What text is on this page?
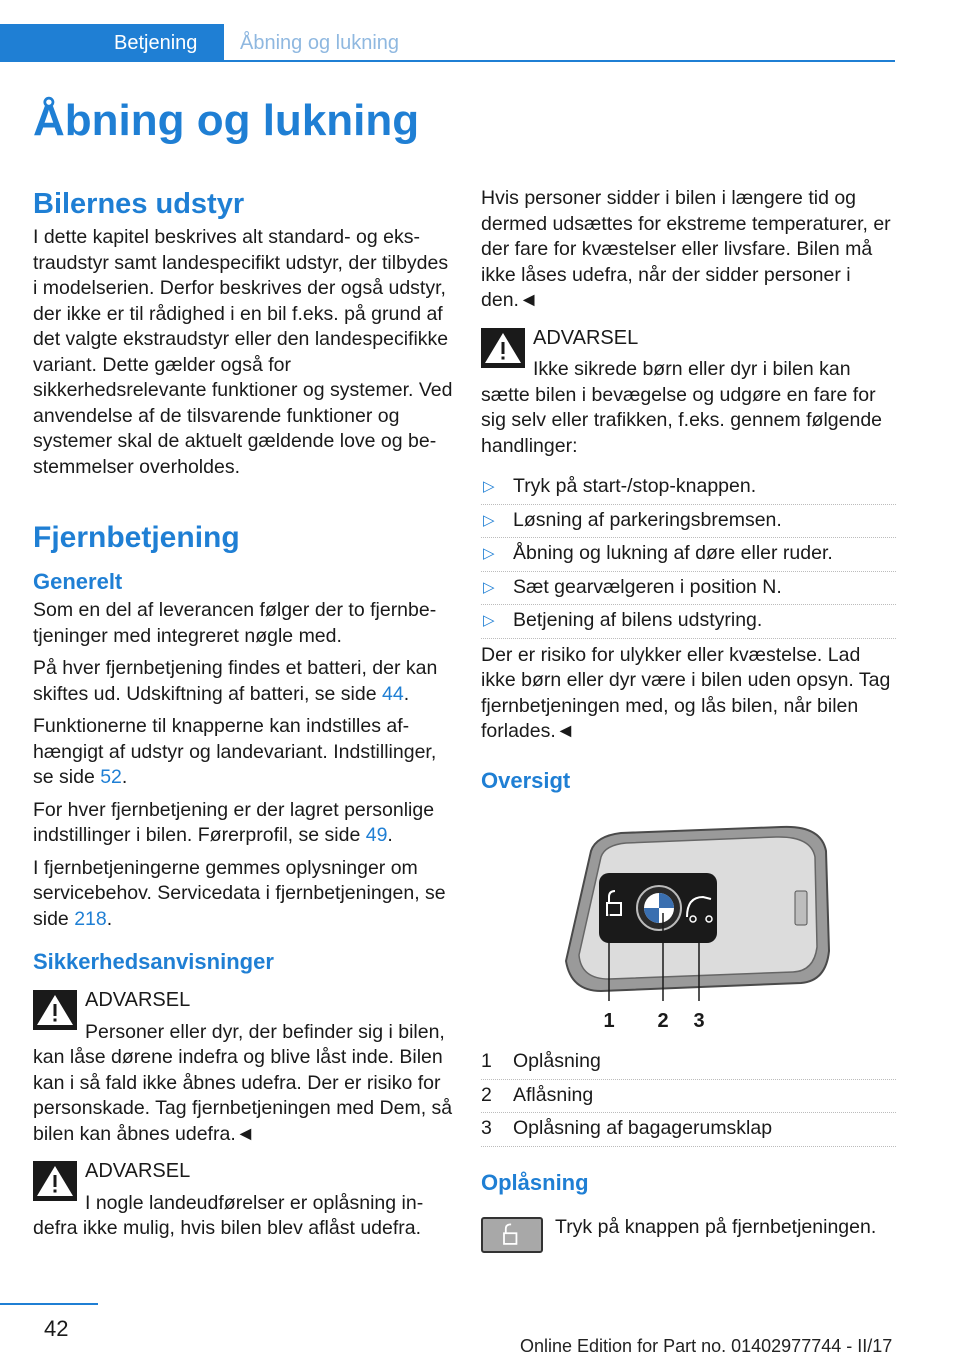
Betjening	Åbning og lukning
Åbning og lukning
Bilernes udstyr

I dette kapitel beskrives alt standard- og ekstraudstyr samt landespecifikt udstyr, der tilbydes i modelserien. Derfor beskrives der også udstyr, der ikke er til rådighed i en bil f.eks. på grund af det valgte ekstraudstyr eller den landespecifikke variant. Dette gælder også for sikkerhedsrelevante funktioner og systemer. Ved anvendelse af de tilsvarende funktioner og systemer skal de aktuelt gældende love og bestemmelser overholdes.

Fjernbetjening
Generelt

Som en del af leverancen følger der to fjernbetjeninger med integreret nøgle med.

På hver fjernbetjening findes et batteri, der kan skiftes ud. Udskiftning af batteri, se side 44.

Funktionerne til knapperne kan indstilles afhængigt af udstyr og landevariant. Indstillinger, se side 52.

For hver fjernbetjening er der lagret personlige indstillinger i bilen. Førerprofil, se side 49.

I fjernbetjeningerne gemmes oplysninger om servicebehov. Servicedata i fjernbetjeningen, se side 218.

Sikkerhedsanvisninger
ADVARSEL
Personer eller dyr, der befinder sig i bilen, kan låse dørene indefra og blive låst inde. Bilen kan i så fald ikke åbnes udefra. Der er risiko for personskade. Tag fjernbetjeningen med Dem, så bilen kan åbnes udefra.◄
ADVARSEL
I nogle landeudførelser er oplåsning indefra ikke mulig, hvis bilen blev aflåst udefra.

Hvis personer sidder i bilen i længere tid og dermed udsættes for ekstreme temperaturer, er der fare for kvæstelser eller livsfare. Bilen må ikke låses udefra, når der sidder personer i den.◄

ADVARSEL
Ikke sikrede børn eller dyr i bilen kan sætte bilen i bevægelse og udgøre en fare for sig selv eller trafikken, f.eks. gennem følgende handlinger:
▷ Tryk på start-/stop-knappen.
▷ Løsning af parkeringsbremsen.
▷ Åbning og lukning af døre eller ruder.
▷ Sæt gearvælgeren i position N.
▷ Betjening af bilens udstyring.

Der er risiko for ulykker eller kvæstelse. Lad ikke børn eller dyr være i bilen uden opsyn. Tag fjernbetjeningen med, og lås bilen, når bilen forlades.◄

Oversigt
1 2 3
1 Oplåsning
2 Aflåsning
3 Oplåsning af bagagerumsklap
Oplåsning

Tryk på knappen på fjernbetjeningen.

42
Online Edition for Part no. 01402977744 - II/17
